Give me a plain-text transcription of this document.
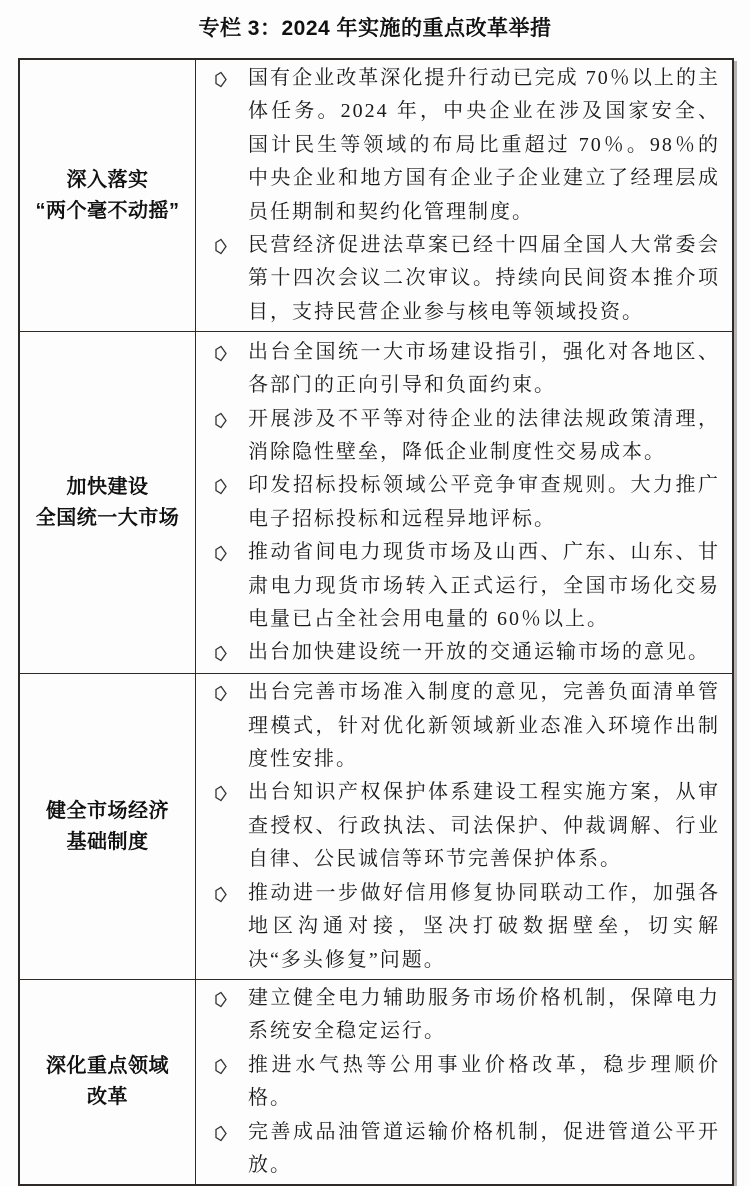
专栏 3：2024 年实施的重点改革举措
深入落实
“两个毫不动摇”

国有企业改革深化提升行动已完成 70％以上的主体任务。2024 年，中央企业在涉及国家安全、国计民生等领域的布局比重超过 70％。98％的中央企业和地方国有企业子企业建立了经理层成员任期制和契约化管理制度。

民营经济促进法草案已经十四届全国人大常委会第十四次会议二次审议。持续向民间资本推介项目，支持民营企业参与核电等领域投资。

加快建设
全国统一大市场

出台全国统一大市场建设指引，强化对各地区、各部门的正向引导和负面约束。

开展涉及不平等对待企业的法律法规政策清理，消除隐性壁垒，降低企业制度性交易成本。

印发招标投标领域公平竞争审查规则。大力推广电子招标投标和远程异地评标。

推动省间电力现货市场及山西、广东、山东、甘肃电力现货市场转入正式运行，全国市场化交易电量已占全社会用电量的 60％以上。

出台加快建设统一开放的交通运输市场的意见。

健全市场经济
基础制度

出台完善市场准入制度的意见，完善负面清单管理模式，针对优化新领域新业态准入环境作出制度性安排。

出台知识产权保护体系建设工程实施方案，从审查授权、行政执法、司法保护、仲裁调解、行业自律、公民诚信等环节完善保护体系。

推动进一步做好信用修复协同联动工作，加强各地区沟通对接，坚决打破数据壁垒，切实解决“多头修复”问题。

深化重点领域
改革

建立健全电力辅助服务市场价格机制，保障电力系统安全稳定运行。

推进水气热等公用事业价格改革，稳步理顺价格。

完善成品油管道运输价格机制，促进管道公平开放。
